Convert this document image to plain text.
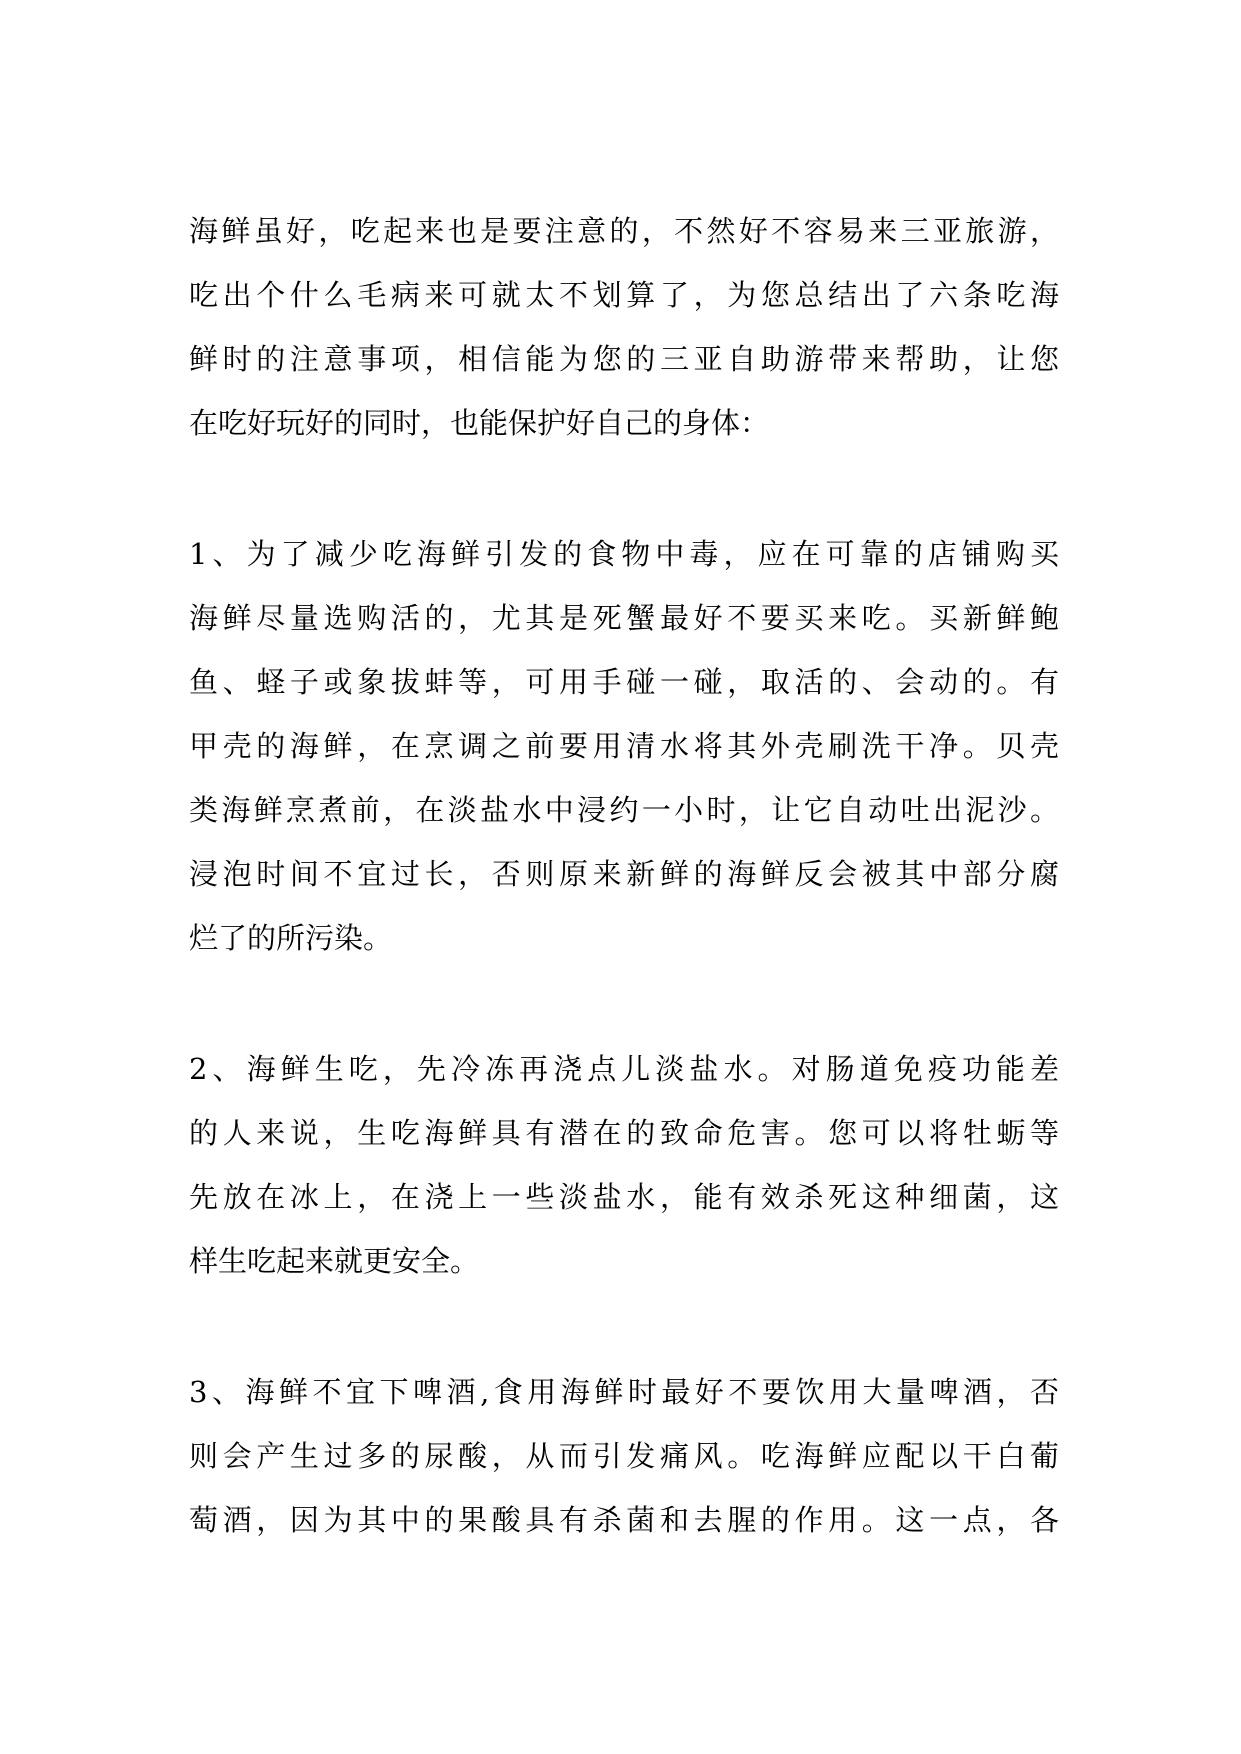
海鲜虽好，吃起来也是要注意的，不然好不容易来三亚旅游，
吃出个什么毛病来可就太不划算了，为您总结出了六条吃海
鲜时的注意事项，相信能为您的三亚自助游带来帮助，让您
在吃好玩好的同时，也能保护好自己的身体：
1、为了减少吃海鲜引发的食物中毒，应在可靠的店铺购买
海鲜尽量选购活的，尤其是死蟹最好不要买来吃。买新鲜鲍
鱼、蛏子或象拔蚌等，可用手碰一碰，取活的、会动的。有
甲壳的海鲜，在烹调之前要用清水将其外壳刷洗干净。贝壳
类海鲜烹煮前，在淡盐水中浸约一小时，让它自动吐出泥沙。
浸泡时间不宜过长，否则原来新鲜的海鲜反会被其中部分腐
烂了的所污染。
2、海鲜生吃，先冷冻再浇点儿淡盐水。对肠道免疫功能差
的人来说，生吃海鲜具有潜在的致命危害。您可以将牡蛎等
先放在冰上，在浇上一些淡盐水，能有效杀死这种细菌，这
样生吃起来就更安全。
3、海鲜不宜下啤酒,食用海鲜时最好不要饮用大量啤酒，否
则会产生过多的尿酸，从而引发痛风。吃海鲜应配以干白葡
萄酒，因为其中的果酸具有杀菌和去腥的作用。这一点，各
